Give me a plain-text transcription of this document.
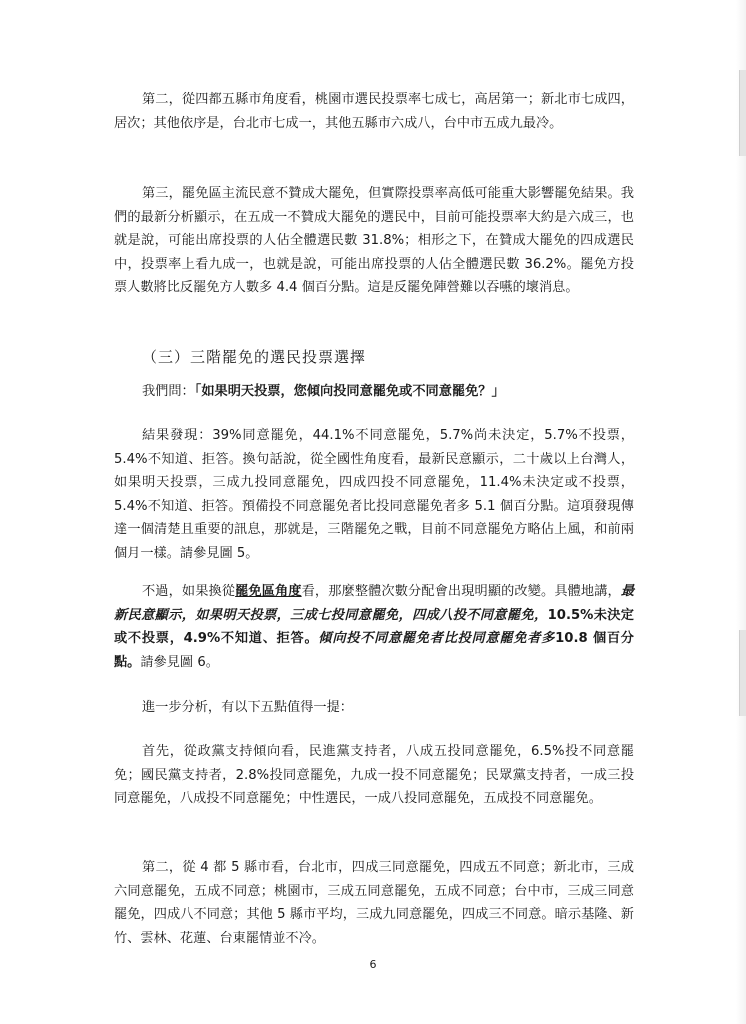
第二，從四都五縣市角度看，桃園市選民投票率七成七，高居第一；新北市七成四，居次；其他依序是，台北市七成一，其他五縣市六成八，台中市五成九最冷。

第三，罷免區主流民意不贊成大罷免，但實際投票率高低可能重大影響罷免結果。我們的最新分析顯示，在五成一不贊成大罷免的選民中，目前可能投票率大約是六成三，也就是說，可能出席投票的人佔全體選民數 31.8%；相形之下，在贊成大罷免的四成選民中，投票率上看九成一，也就是說，可能出席投票的人佔全體選民數 36.2%。罷免方投票人數將比反罷免方人數多 4.4 個百分點。這是反罷免陣營難以吞嚥的壞消息。

（三）三階罷免的選民投票選擇

我們問：「如果明天投票，您傾向投同意罷免或不同意罷免？」

結果發現：39%同意罷免，44.1%不同意罷免，5.7%尚未決定，5.7%不投票，5.4%不知道、拒答。換句話說，從全國性角度看，最新民意顯示，二十歲以上台灣人，如果明天投票，三成九投同意罷免，四成四投不同意罷免，11.4%未決定或不投票，5.4%不知道、拒答。預備投不同意罷免者比投同意罷免者多 5.1 個百分點。這項發現傳達一個清楚且重要的訊息，那就是，三階罷免之戰，目前不同意罷免方略佔上風，和前兩個月一樣。請參見圖 5。

不過，如果換從罷免區角度看，那麼整體次數分配會出現明顯的改變。具體地講，最新民意顯示，如果明天投票，三成七投同意罷免，四成八投不同意罷免，10.5%未決定或不投票，4.9%不知道、拒答。傾向投不同意罷免者比投同意罷免者多10.8 個百分點。請參見圖 6。

進一步分析，有以下五點值得一提：

首先，從政黨支持傾向看，民進黨支持者，八成五投同意罷免，6.5%投不同意罷免；國民黨支持者，2.8%投同意罷免，九成一投不同意罷免；民眾黨支持者，一成三投同意罷免，八成投不同意罷免；中性選民，一成八投同意罷免，五成投不同意罷免。

第二，從 4 都 5 縣市看，台北市，四成三同意罷免，四成五不同意；新北市，三成六同意罷免，五成不同意；桃園市，三成五同意罷免，五成不同意；台中市，三成三同意罷免，四成八不同意；其他 5 縣市平均，三成九同意罷免，四成三不同意。暗示基隆、新竹、雲林、花蓮、台東罷情並不冷。

6
